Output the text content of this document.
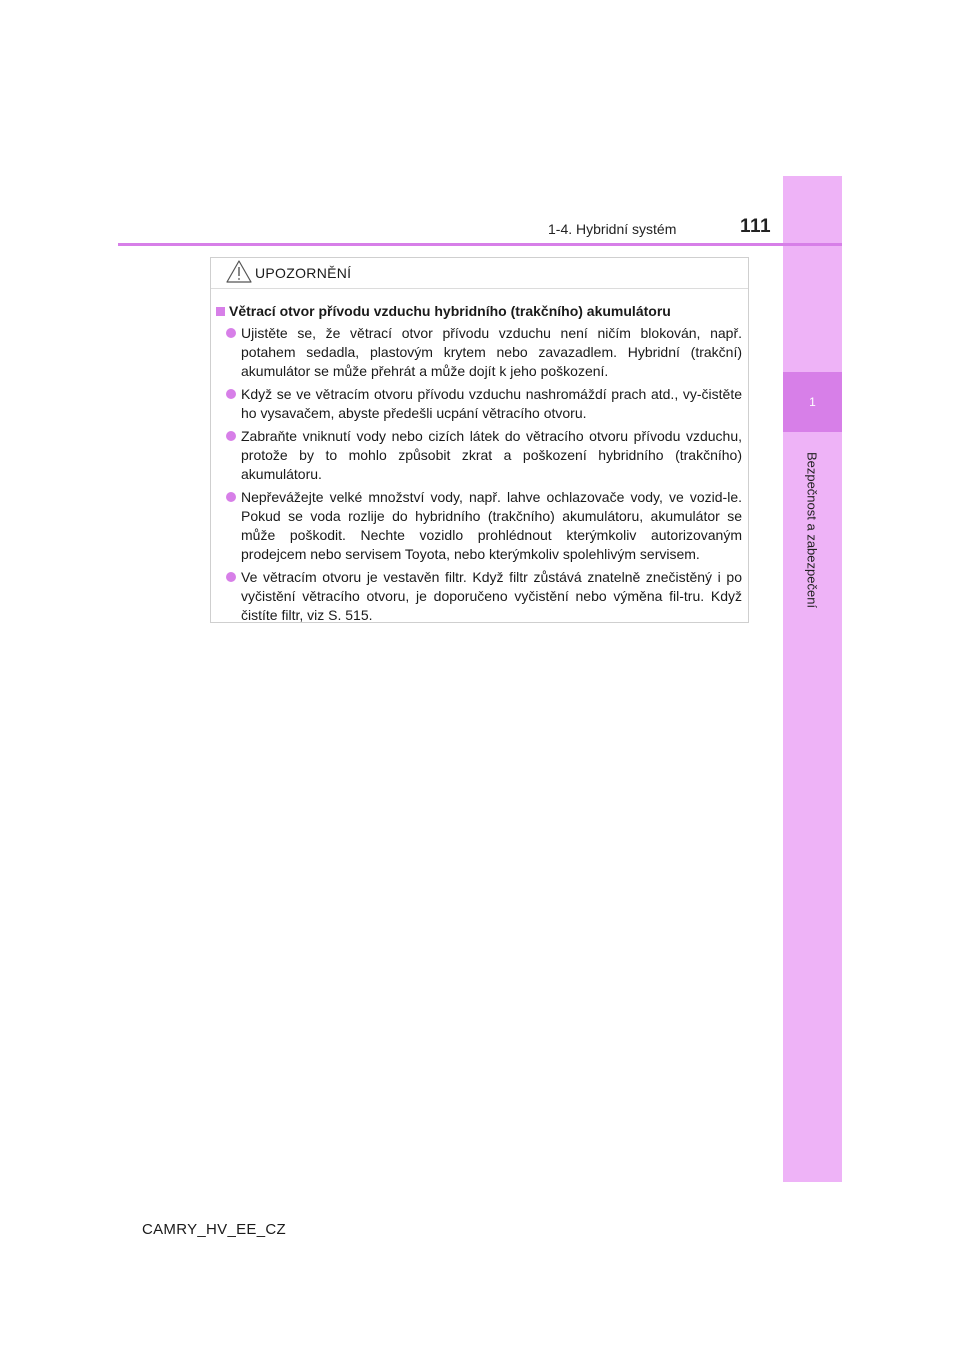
1
Bezpečnost a zabezpečení
1-4. Hybridní systém	111
UPOZORNĚNÍ
Větrací otvor přívodu vzduchu hybridního (trakčního) akumulátoru
Ujistěte se, že větrací otvor přívodu vzduchu není ničím blokován, např. potahem sedadla, plastovým krytem nebo zavazadlem. Hybridní (trakční) akumulátor se může přehrát a může dojít k jeho poškození.
Když se ve větracím otvoru přívodu vzduchu nashromáždí prach atd., vy-čistěte ho vysavačem, abyste předešli ucpání větracího otvoru.
Zabraňte vniknutí vody nebo cizích látek do větracího otvoru přívodu vzduchu, protože by to mohlo způsobit zkrat a poškození hybridního (trakčního) akumulátoru.
Nepřevážejte velké množství vody, např. lahve ochlazovače vody, ve vozid-le. Pokud se voda rozlije do hybridního (trakčního) akumulátoru, akumulátor se může poškodit. Nechte vozidlo prohlédnout kterýmkoliv autorizovaným prodejcem nebo servisem Toyota, nebo kterýmkoliv spolehlivým servisem.
Ve větracím otvoru je vestavěn filtr. Když filtr zůstává znatelně znečistěný i po vyčistění větracího otvoru, je doporučeno vyčistění nebo výměna fil-tru. Když čistíte filtr, viz S. 515.
CAMRY_HV_EE_CZ
